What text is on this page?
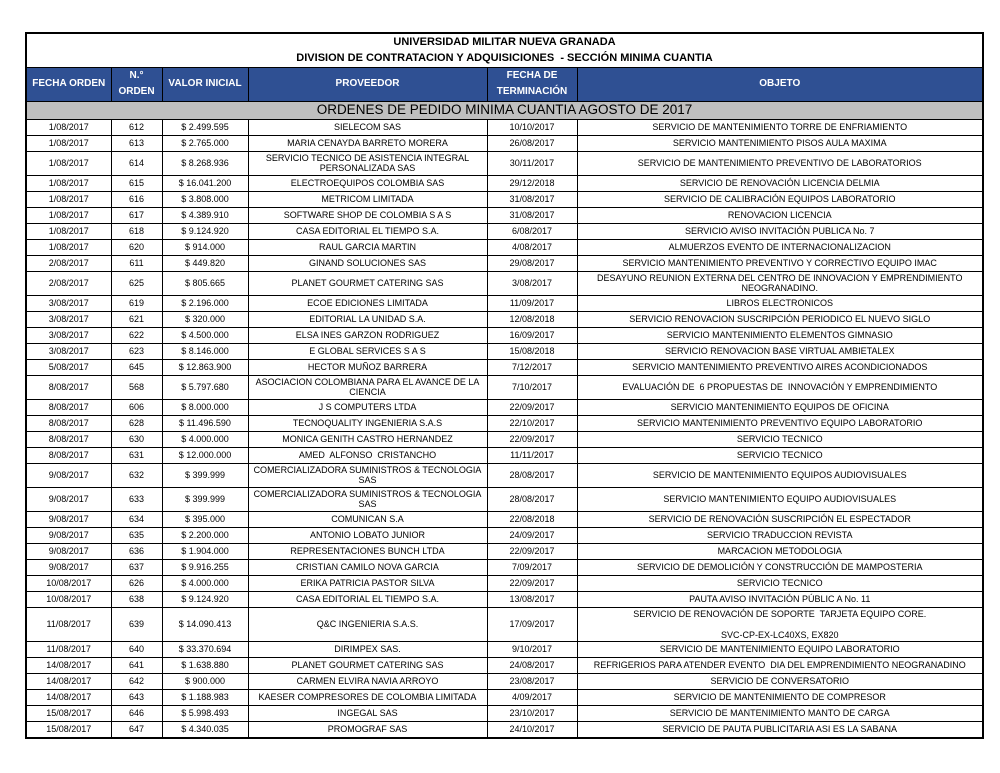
UNIVERSIDAD MILITAR NUEVA GRANADA					
DIVISION DE CONTRATACION Y ADQUISICIONES  - SECCIÓN MINIMA CUANTIA					
FECHA ORDEN	N.° ORDEN	VALOR INICIAL	PROVEEDOR	FECHA DE TERMINACIÓN	OBJETO
ORDENES DE PEDIDO MINIMA CUANTIA AGOSTO DE 2017					
1/08/2017	612	$ 2.499.595	SIELECOM SAS	10/10/2017	SERVICIO DE MANTENIMIENTO TORRE DE ENFRIAMIENTO
1/08/2017	613	$ 2.765.000	MARIA CENAYDA BARRETO MORERA	26/08/2017	SERVICIO MANTENIMIENTO PISOS AULA MAXIMA
1/08/2017	614	$ 8.268.936	SERVICIO TECNICO DE ASISTENCIA INTEGRAL PERSONALIZADA SAS	30/11/2017	SERVICIO DE MANTENIMIENTO PREVENTIVO DE LABORATORIOS
1/08/2017	615	$ 16.041.200	ELECTROEQUIPOS COLOMBIA SAS	29/12/2018	SERVICIO DE RENOVACIÓN LICENCIA DELMIA
1/08/2017	616	$ 3.808.000	METRICOM LIMITADA	31/08/2017	SERVICIO DE CALIBRACIÓN EQUIPOS LABORATORIO
1/08/2017	617	$ 4.389.910	SOFTWARE SHOP DE COLOMBIA S A S	31/08/2017	RENOVACION LICENCIA
1/08/2017	618	$ 9.124.920	CASA EDITORIAL EL TIEMPO S.A.	6/08/2017	SERVICIO AVISO INVITACIÓN PUBLICA No. 7
1/08/2017	620	$ 914.000	RAUL GARCIA MARTIN	4/08/2017	ALMUERZOS EVENTO DE INTERNACIONALIZACION
2/08/2017	611	$ 449.820	GINAND SOLUCIONES SAS	29/08/2017	SERVICIO MANTENIMIENTO PREVENTIVO Y CORRECTIVO EQUIPO IMAC
2/08/2017	625	$ 805.665	PLANET GOURMET CATERING SAS	3/08/2017	DESAYUNO REUNION EXTERNA DEL CENTRO DE INNOVACION Y EMPRENDIMIENTO NEOGRANADINO.
3/08/2017	619	$ 2.196.000	ECOE EDICIONES LIMITADA	11/09/2017	LIBROS ELECTRONICOS
3/08/2017	621	$ 320.000	EDITORIAL LA UNIDAD S.A.	12/08/2018	SERVICIO RENOVACION SUSCRIPCIÓN PERIODICO EL NUEVO SIGLO
3/08/2017	622	$ 4.500.000	ELSA INES GARZON RODRIGUEZ	16/09/2017	SERVICIO MANTENIMIENTO ELEMENTOS GIMNASIO
3/08/2017	623	$ 8.146.000	E GLOBAL SERVICES S A S	15/08/2018	SERVICIO RENOVACION BASE VIRTUAL AMBIETALEX
5/08/2017	645	$ 12.863.900	HECTOR MUÑOZ BARRERA	7/12/2017	SERVICIO MANTENIMIENTO PREVENTIVO AIRES ACONDICIONADOS
8/08/2017	568	$ 5.797.680	ASOCIACION COLOMBIANA PARA EL AVANCE DE LA CIENCIA	7/10/2017	EVALUACIÓN DE  6 PROPUESTAS DE  INNOVACIÓN Y EMPRENDIMIENTO
8/08/2017	606	$ 8.000.000	J S COMPUTERS LTDA	22/09/2017	SERVICIO MANTENIMIENTO EQUIPOS DE OFICINA
8/08/2017	628	$ 11.496.590	TECNOQUALITY INGENIERIA S.A.S	22/10/2017	SERVICIO MANTENIMIENTO PREVENTIVO EQUIPO LABORATORIO
8/08/2017	630	$ 4.000.000	MONICA GENITH CASTRO HERNANDEZ	22/09/2017	SERVICIO TECNICO
8/08/2017	631	$ 12.000.000	AMED  ALFONSO  CRISTANCHO	11/11/2017	SERVICIO TECNICO
9/08/2017	632	$ 399.999	COMERCIALIZADORA SUMINISTROS & TECNOLOGIA SAS	28/08/2017	SERVICIO DE MANTENIMIENTO EQUIPOS AUDIOVISUALES
9/08/2017	633	$ 399.999	COMERCIALIZADORA SUMINISTROS & TECNOLOGIA SAS	28/08/2017	SERVICIO MANTENIMIENTO EQUIPO AUDIOVISUALES
9/08/2017	634	$ 395.000	COMUNICAN S.A	22/08/2018	SERVICIO DE RENOVACIÓN SUSCRIPCIÓN EL ESPECTADOR
9/08/2017	635	$ 2.200.000	ANTONIO LOBATO JUNIOR	24/09/2017	SERVICIO TRADUCCION REVISTA
9/08/2017	636	$ 1.904.000	REPRESENTACIONES BUNCH LTDA	22/09/2017	MARCACION METODOLOGIA
9/08/2017	637	$ 9.916.255	CRISTIAN CAMILO NOVA GARCIA	7/09/2017	SERVICIO DE DEMOLICIÓN Y CONSTRUCCIÓN DE MAMPOSTERIA
10/08/2017	626	$ 4.000.000	ERIKA PATRICIA PASTOR SILVA	22/09/2017	SERVICIO TECNICO
10/08/2017	638	$ 9.124.920	CASA EDITORIAL EL TIEMPO S.A.	13/08/2017	PAUTA AVISO INVITACIÓN PÚBLIC A No. 11
11/08/2017	639	$ 14.090.413	Q&C INGENIERIA S.A.S.	17/09/2017	SERVICIO DE RENOVACIÓN DE SOPORTE  TARJETA EQUIPO CORE.

SVC-CP-EX-LC40XS, EX820
11/08/2017	640	$ 33.370.694	DIRIMPEX SAS.	9/10/2017	SERVICIO DE MANTENIMIENTO EQUIPO LABORATORIO
14/08/2017	641	$ 1.638.880	PLANET GOURMET CATERING SAS	24/08/2017	REFRIGERIOS PARA ATENDER EVENTO  DIA DEL EMPRENDIMIENTO NEOGRANADINO
14/08/2017	642	$ 900.000	CARMEN ELVIRA NAVIA ARROYO	23/08/2017	SERVICIO DE CONVERSATORIO
14/08/2017	643	$ 1.188.983	KAESER COMPRESORES DE COLOMBIA LIMITADA	4/09/2017	SERVICIO DE MANTENIMIENTO DE COMPRESOR
15/08/2017	646	$ 5.998.493	INGEGAL SAS	23/10/2017	SERVICIO DE MANTENIMIENTO MANTO DE CARGA
15/08/2017	647	$ 4.340.035	PROMOGRAF SAS	24/10/2017	SERVICIO DE PAUTA PUBLICITARIA ASI ES LA SABANA
